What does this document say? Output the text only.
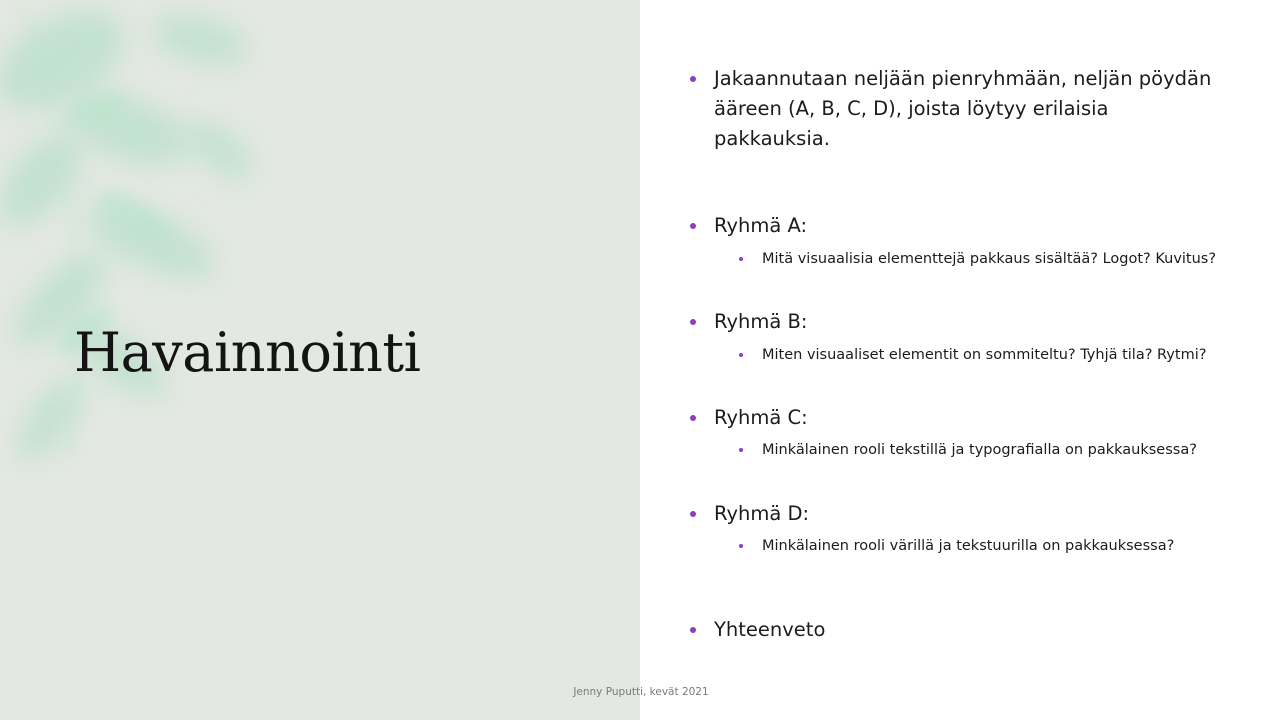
Havainnointi
Jakaannutaan neljään pienryhmään, neljän pöydän ääreen (A, B, C, D), joista löytyy erilaisia pakkauksia.
Ryhmä A:
Mitä visuaalisia elementtejä pakkaus sisältää? Logot? Kuvitus?
Ryhmä B:
Miten visuaaliset elementit on sommiteltu? Tyhjä tila? Rytmi?
Ryhmä C:
Minkälainen rooli tekstillä ja typografialla on pakkauksessa?
Ryhmä D:
Minkälainen rooli värillä ja tekstuurilla on pakkauksessa?
Yhteenveto
Jenny Puputti, kevät 2021
